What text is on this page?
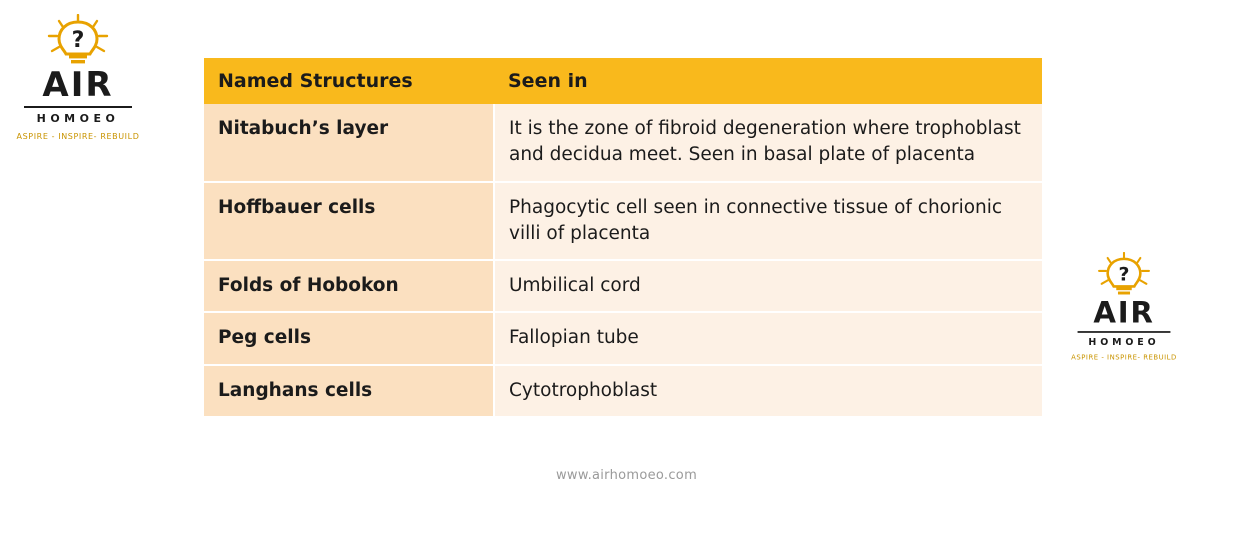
?
AIR
HOMOEO
ASPIRE - INSPIRE- REBUILD
?
AIR
HOMOEO
ASPIRE - INSPIRE- REBUILD
Named Structures	Seen in
Nitabuch’s layer	It is the zone of fibroid degeneration where trophoblast and decidua meet. Seen in basal plate of placenta
Hoffbauer cells	Phagocytic cell seen in connective tissue of chorionic villi of placenta
Folds of Hobokon	Umbilical cord
Peg cells	Fallopian tube
Langhans cells	Cytotrophoblast
www.airhomoeo.com
